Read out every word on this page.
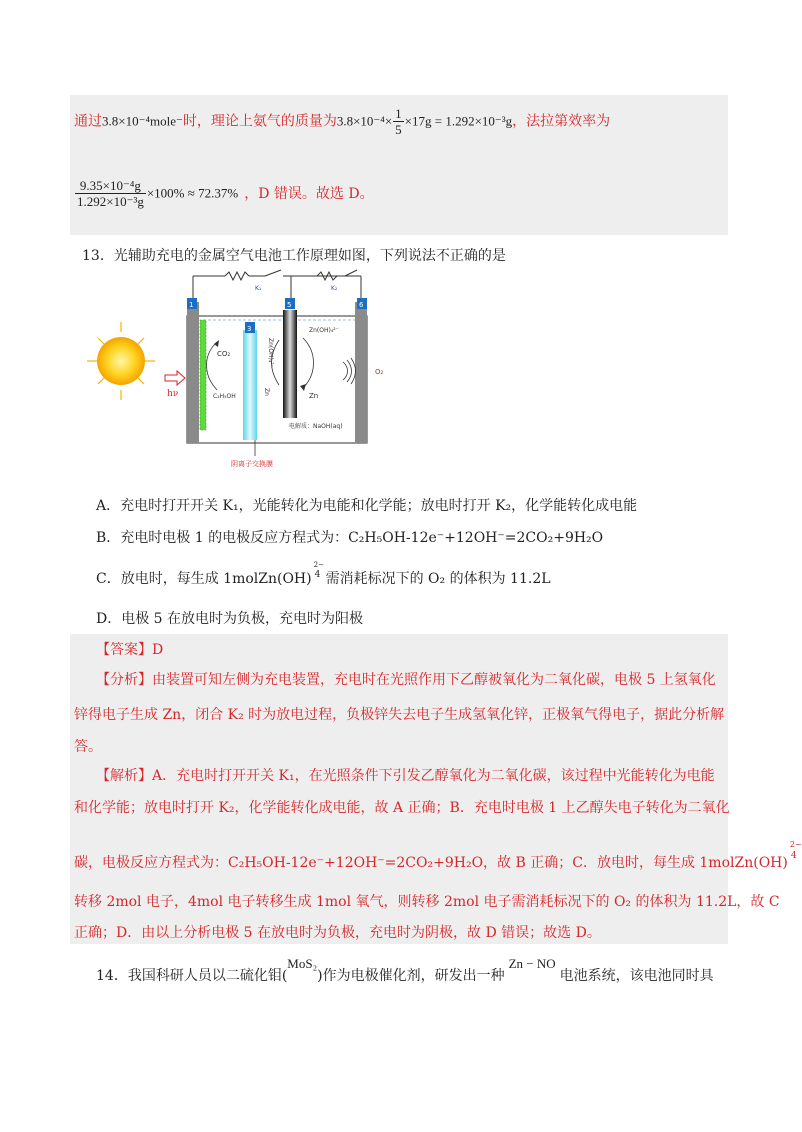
通过3.8×10⁻⁴mole⁻时，理论上氨气的质量为$3.8\times 10^{-4}\times \frac{1}{5} \times 17g = 1.292\times 10^{-3}g$，法拉第效率为
$\frac{\text{9.35×10⁻⁴g}}{\text{1.292×10⁻³g}} \times 100\% \approx 72.37\%$ ，D 错误。故选 D。
13．光辅助充电的金属空气电池工作原理如图，下列说法不正确的是
hν
K₁	K₂
1
3
5	6
CO₂
C₂H₅OH
Zn(OH)₄²⁻
Zn
Zn(OH)₄²⁻
Zn
O₂
电解质：NaOH(aq)
阴离子交换膜
A．充电时打开开关 K₁，光能转化为电能和化学能；放电时打开 K₂，化学能转化成电能
B．充电时电极 1 的电极反应方程式为：C₂H₅OH-12e⁻+12OH⁻=2CO₂+9H₂O
C．放电时，每生成 1molZn(OH)
2−
4 需消耗标况下的 O₂ 的体积为 11.2L
D．电极 5 在放电时为负极，充电时为阳极
【答案】D
【分析】由装置可知左侧为充电装置，充电时在光照作用下乙醇被氧化为二氧化碳，电极 5 上氢氧化
锌得电子生成 Zn，闭合 K₂ 时为放电过程，负极锌失去电子生成氢氧化锌，正极氧气得电子，据此分析解
答。
【解析】A．充电时打开开关 K₁，在光照条件下引发乙醇氧化为二氧化碳，该过程中光能转化为电能
和化学能；放电时打开 K₂，化学能转化成电能，故 A 正确；B．充电时电极 1 上乙醇失电子转化为二氧化
碳，电极反应方程式为：C₂H₅OH-12e⁻+12OH⁻=2CO₂+9H₂O，故 B 正确；C．放电时，每生成 1molZn(OH)
2−
4
转移 2mol 电子，4mol 电子转移生成 1mol 氧气，则转移 2mol 电子需消耗标况下的 O₂ 的体积为 11.2L，故 C
正确；D．由以上分析电极 5 在放电时为负极，充电时为阴极，故 D 错误；故选 D。
14．我国科研人员以二硫化钼(MoS₂)作为电极催化剂，研发出一种Zn − NO电池系统，该电池同时具
